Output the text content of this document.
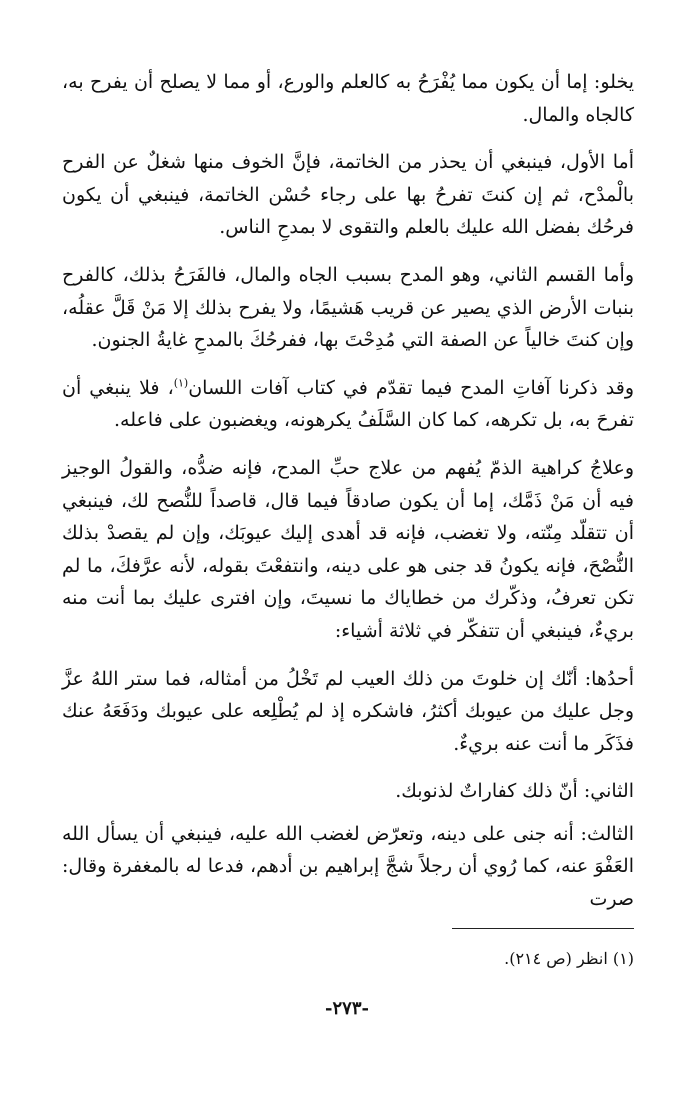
يخلو: إما أن يكون مما يُفْرَحُ به كالعلم والورع، أو مما لا يصلح أن يفرح به، كالجاه والمال.

أما الأول، فينبغي أن يحذر من الخاتمة، فإنَّ الخوف منها شغلٌ عن الفرح بالْمدْح، ثم إن كنتَ تفرحُ بها على رجاء حُسْن الخاتمة، فينبغي أن يكون فرحُك بفضل الله عليك بالعلم والتقوى لا بمدحِ الناس.

وأما القسم الثاني، وهو المدح بسبب الجاه والمال، فالفَرَحُ بذلك، كالفرح بنبات الأرض الذي يصير عن قريب هَشيمًا، ولا يفرح بذلك إلا مَنْ قَلَّ عقلُه، وإن كنتَ خالياً عن الصفة التي مُدِحْتَ بها، ففرحُكَ بالمدحِ غايةُ الجنون.

وقد ذكرنا آفاتِ المدح فيما تقدّم في كتاب آفات اللسان$^{(١)}$، فلا ينبغي أن تفرحَ به، بل تكرهه، كما كان السَّلَفُ يكرهونه، ويغضبون على فاعله.

وعلاجُ كراهية الذمّ يُفهم من علاج حبِّ المدح، فإنه ضدُّه، والقولُ الوجيز فيه أن مَنْ ذَمَّك، إما أن يكون صادقاً فيما قال، قاصداً للنُّصح لك، فينبغي أن تتقلّد مِنّته، ولا تغضب، فإنه قد أهدى إليك عيوبَك، وإن لم يقصدْ بذلك النُّصْحَ، فإنه يكونُ قد جنى هو على دينه، وانتفعْتَ بقوله، لأنه عرَّفكَ، ما لم تكن تعرفُ، وذكّرك من خطاياك ما نسيتَ، وإن افترى عليك بما أنت منه بريءٌ، فينبغي أن تتفكّر في ثلاثة أشياء:

أحدُها: أنّك إن خلوتَ من ذلك العيب لم تَخْلُ من أمثاله، فما ستر اللهُ عزَّ وجل عليك من عيوبك أكثرُ، فاشكره إذ لم يُطْلِعه على عيوبك ودَفَعَهُ عنك فذَكَر ما أنت عنه بريءٌ.

الثاني: أنّ ذلك كفاراتٌ لذنوبك.

الثالث: أنه جنى على دينه، وتعرّض لغضب الله عليه، فينبغي أن يسأل الله العَفْوَ عنه، كما رُوي أن رجلاً شجَّ إبراهيم بن أدهم، فدعا له بالمغفرة وقال: صرت

(١) انظر (ص ٢١٤).
-٢٧٣-
